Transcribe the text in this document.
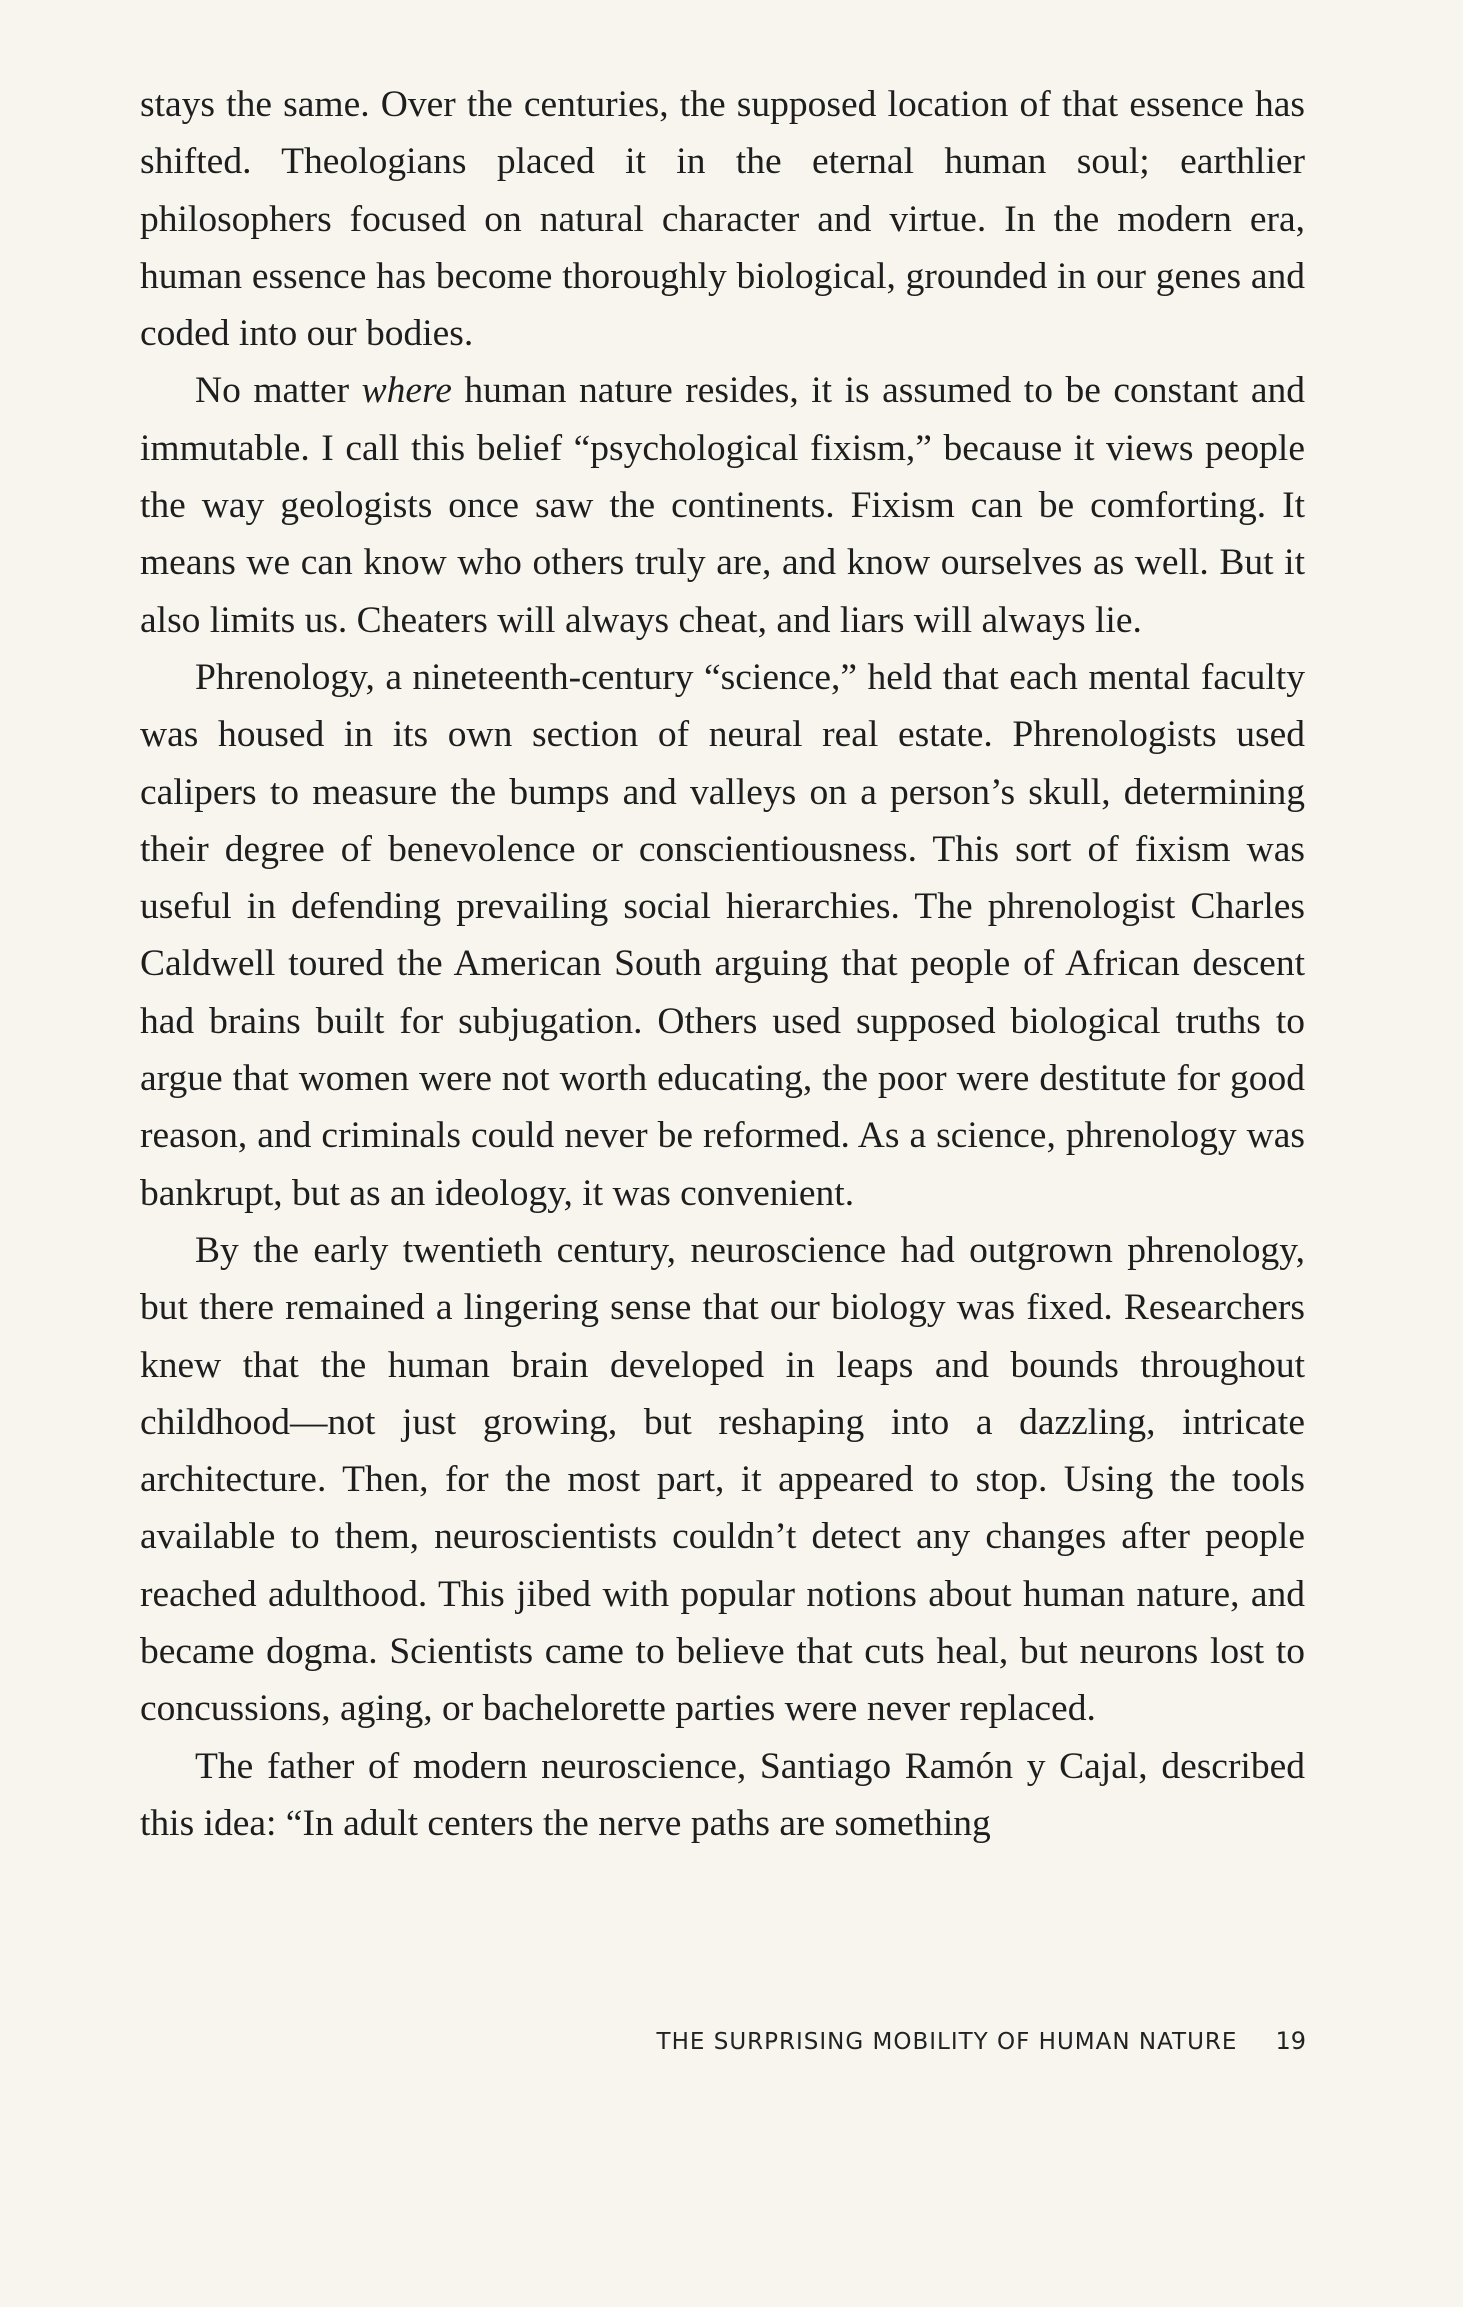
stays the same. Over the centuries, the supposed location of that essence has shifted. Theologians placed it in the eternal human soul; earthlier philosophers focused on natural character and virtue. In the modern era, human essence has become thoroughly biological, grounded in our genes and coded into our bodies.

No matter where human nature resides, it is assumed to be constant and immutable. I call this belief “psychological fixism,” because it views people the way geologists once saw the continents. Fixism can be comforting. It means we can know who others truly are, and know ourselves as well. But it also limits us. Cheaters will always cheat, and liars will always lie.

Phrenology, a nineteenth-century “science,” held that each mental faculty was housed in its own section of neural real estate. Phrenologists used calipers to measure the bumps and valleys on a person’s skull, determining their degree of benevolence or conscientiousness. This sort of fixism was useful in defending prevailing social hierarchies. The phrenologist Charles Caldwell toured the American South arguing that people of African descent had brains built for subjugation. Others used supposed biological truths to argue that women were not worth educating, the poor were destitute for good reason, and criminals could never be reformed. As a science, phrenology was bankrupt, but as an ideology, it was convenient.

By the early twentieth century, neuroscience had outgrown phrenology, but there remained a lingering sense that our biology was fixed. Researchers knew that the human brain developed in leaps and bounds throughout childhood—not just growing, but reshaping into a dazzling, intricate architecture. Then, for the most part, it appeared to stop. Using the tools available to them, neuroscientists couldn’t detect any changes after people reached adulthood. This jibed with popular notions about human nature, and became dogma. Scientists came to believe that cuts heal, but neurons lost to concussions, aging, or bachelorette parties were never replaced.

The father of modern neuroscience, Santiago Ramón y Cajal, described this idea: “In adult centers the nerve paths are something

THE SURPRISING MOBILITY OF HUMAN NATURE 19
